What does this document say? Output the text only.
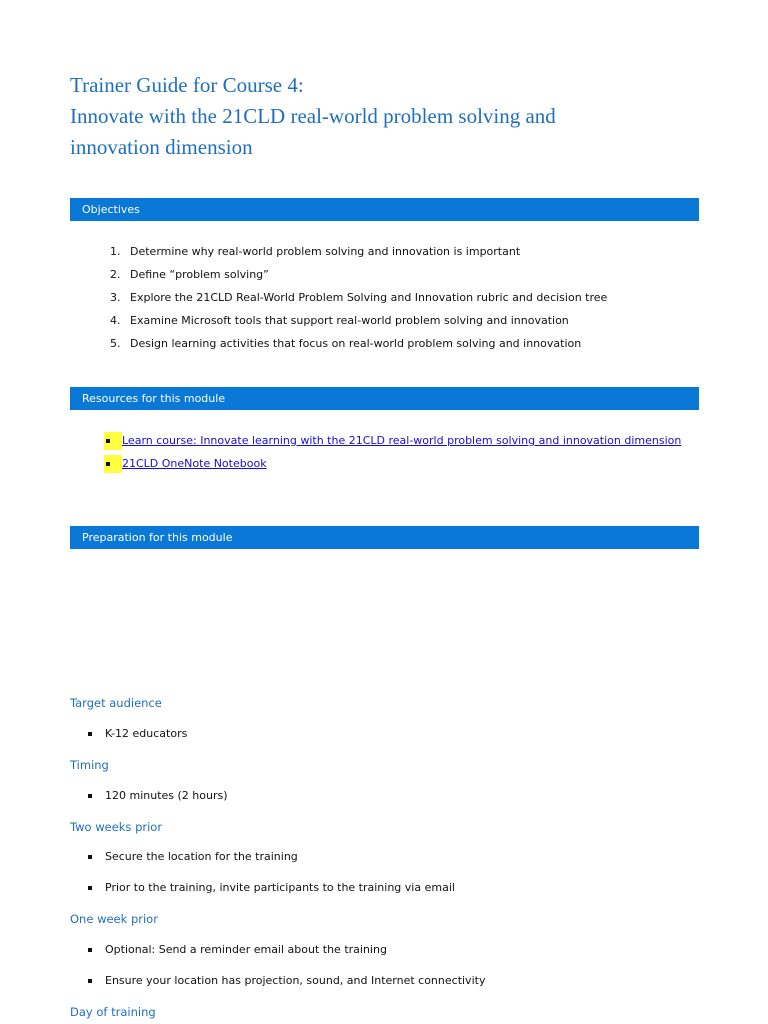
Trainer Guide for Course 4:
Innovate with the 21CLD real-world problem solving and
innovation dimension
Objectives
1. Determine why real-world problem solving and innovation is important
2. Define “problem solving”
3. Explore the 21CLD Real-World Problem Solving and Innovation rubric and decision tree
4. Examine Microsoft tools that support real-world problem solving and innovation
5. Design learning activities that focus on real-world problem solving and innovation
Resources for this module
Learn course: Innovate learning with the 21CLD real-world problem solving and innovation dimension
21CLD OneNote Notebook
Preparation for this module
Target audience
K-12 educators
Timing
120 minutes (2 hours)
Two weeks prior
Secure the location for the training
Prior to the training, invite participants to the training via email
One week prior
Optional: Send a reminder email about the training
Ensure your location has projection, sound, and Internet connectivity
Day of training
